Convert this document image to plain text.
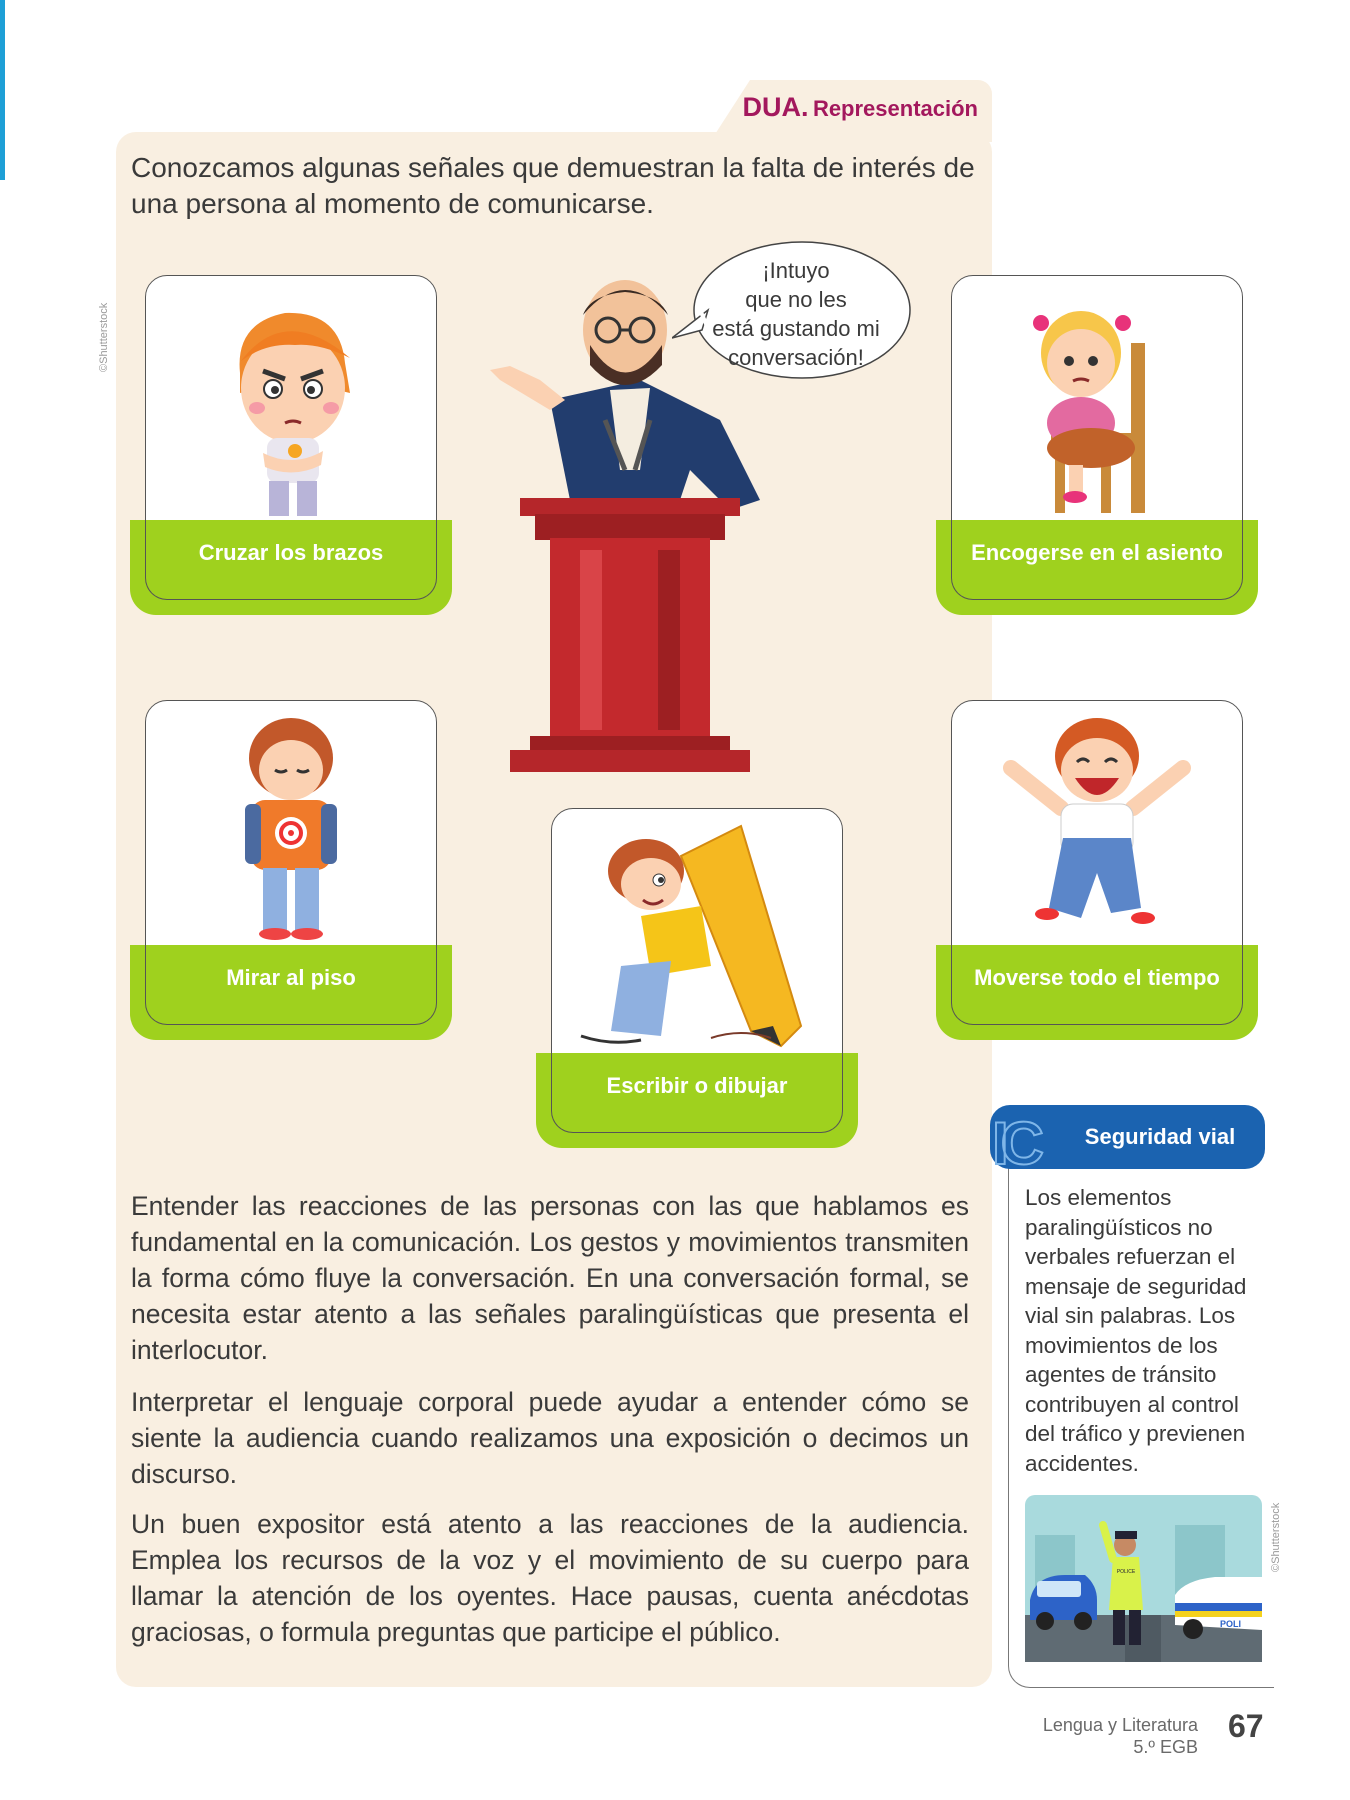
DUA. Representación
Conozcamos algunas señales que demuestran la falta de interés de una persona al momento de comunicarse.
©Shutterstock
©Shutterstock
Cruzar los brazos	Encogerse en el asiento
Mirar al piso	Moverse todo el tiempo
Escribir o dibujar
¡Intuyo
que no les
está gustando mi
conversación!
Entender las reacciones de las personas con las que hablamos es fundamental en la comunicación. Los gestos y movimientos transmiten la forma cómo fluye la conversación. En una conversación formal, se necesita estar atento a las señales paralingüísticas que presenta el interlocutor.
Interpretar el lenguaje corporal puede ayudar a entender cómo se siente la audiencia cuando realizamos una exposición o decimos un discurso.
Un buen expositor está atento a las reacciones de la audiencia. Emplea los recursos de la voz y el movimiento de su cuerpo para llamar la atención de los oyentes. Hace pausas, cuenta anécdotas graciosas, o formula preguntas que participe el público.
IC	Seguridad vial
Los elementos paralingüísticos no verbales refuerzan el mensaje de seguridad vial sin palabras. Los movimientos de los agentes de tránsito contribuyen al control del tráfico y previenen accidentes.
POLICE
POLI
Lengua y Literatura
5.º EGB
67
